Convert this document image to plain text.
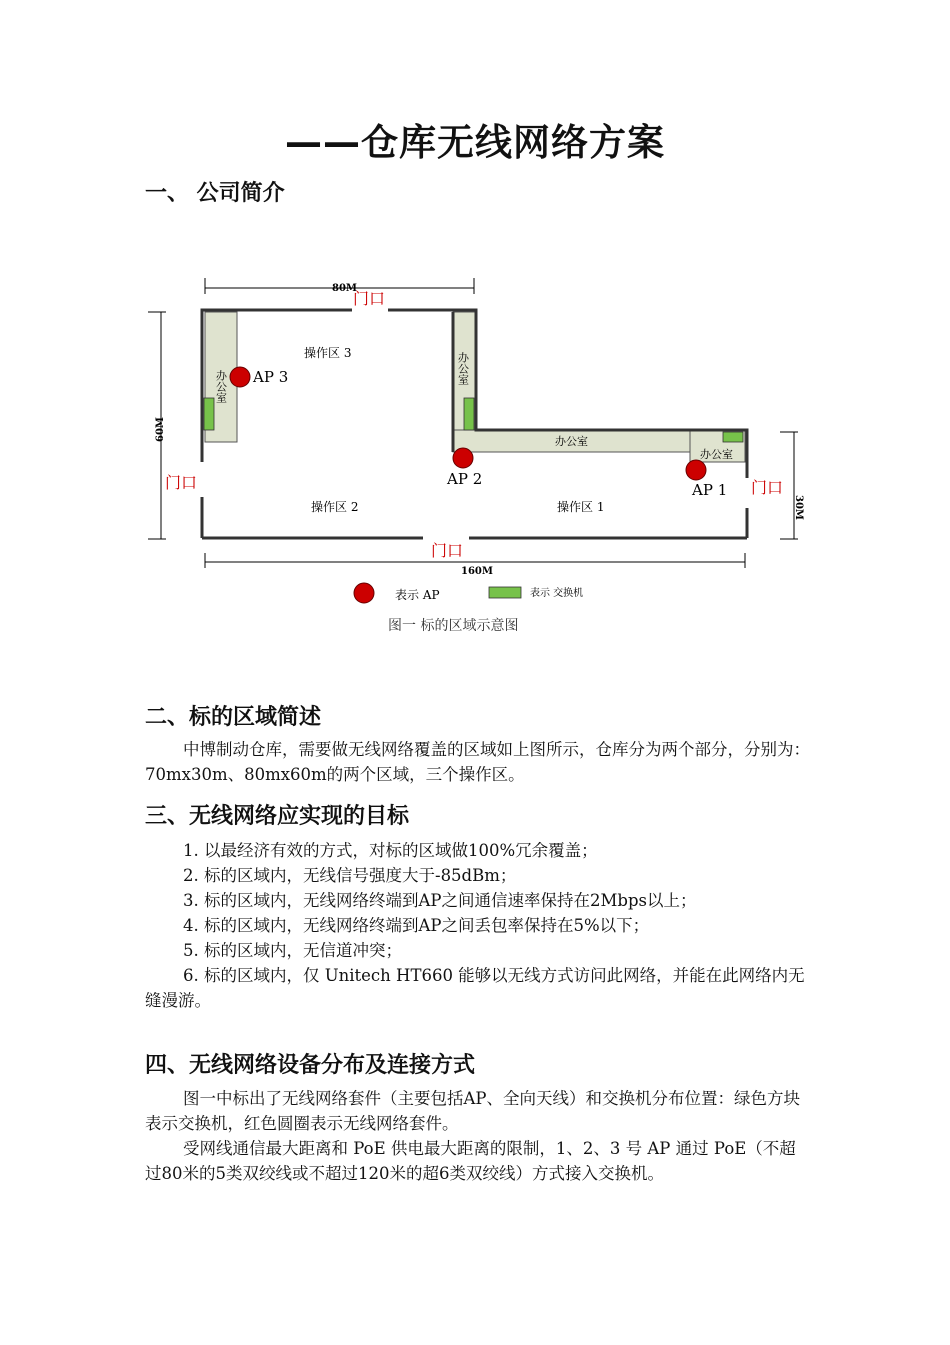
——仓库无线网络方案
一、 公司简介
80M
60M
30M
160M
AP 3
AP 2
AP 1
操作区 3
操作区 2	操作区 1
办公室
办公室
办公室
办公室
门口
门口	门口
门口
表示 AP	表示 交换机
图一 标的区域示意图
二、标的区域简述
中博制动仓库，需要做无线网络覆盖的区域如上图所示，仓库分为两个部分，分别为：70mx30m、80mx60m的两个区域，三个操作区。
三、无线网络应实现的目标
1. 以最经济有效的方式，对标的区域做100%冗余覆盖；
2. 标的区域内，无线信号强度大于-85dBm；
3. 标的区域内，无线网络终端到AP之间通信速率保持在2Mbps以上；
4. 标的区域内，无线网络终端到AP之间丢包率保持在5%以下；
5. 标的区域内，无信道冲突；
6. 标的区域内，仅 Unitech HT660 能够以无线方式访问此网络，并能在此网络内无缝漫游。
四、无线网络设备分布及连接方式
图一中标出了无线网络套件（主要包括AP、全向天线）和交换机分布位置：绿色方块表示交换机，红色圆圈表示无线网络套件。
受网线通信最大距离和 PoE 供电最大距离的限制，1、2、3 号 AP 通过 PoE（不超过80米的5类双绞线或不超过120米的超6类双绞线）方式接入交换机。
